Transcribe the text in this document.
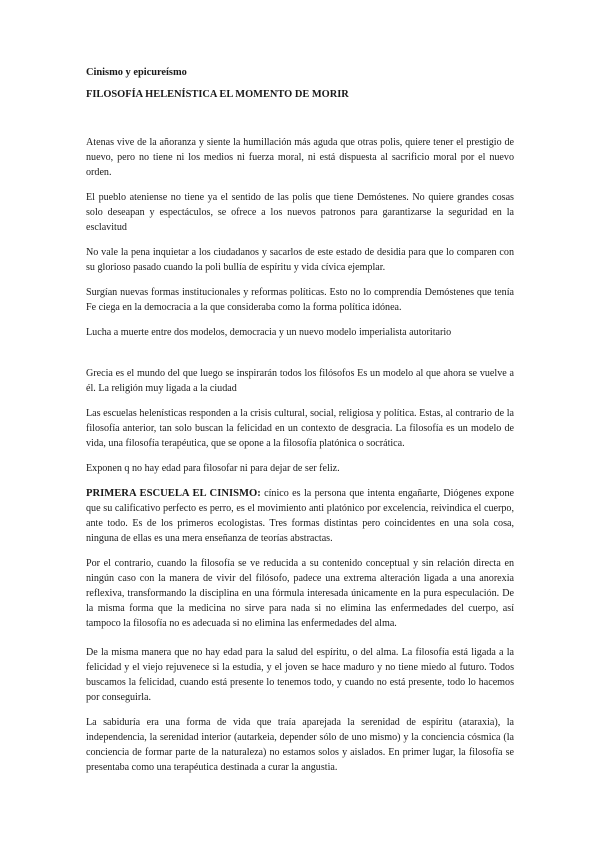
Cinismo y epicureísmo

FILOSOFÍA HELENÍSTICA EL MOMENTO DE MORIR

Atenas vive de la añoranza y siente la humillación más aguda que otras polis, quiere tener el prestigio de nuevo, pero no tiene ni los medios ni fuerza moral, ni está dispuesta al sacrificio moral por el nuevo orden.

El pueblo ateniense no tiene ya el sentido de las polis que tiene Demóstenes. No quiere grandes cosas solo deseapan y espectáculos, se ofrece a los nuevos patronos para garantizarse la seguridad en la esclavitud

No vale la pena inquietar a los ciudadanos y sacarlos de este estado de desidia para que lo comparen con su glorioso pasado cuando la poli bullía de espíritu y vida cívica ejemplar.

Surgían nuevas formas institucionales y reformas políticas. Esto no lo comprendía Demóstenes que tenía Fe ciega en la democracia a la que consideraba como la forma política idónea.

Lucha a muerte entre dos modelos, democracia y un nuevo modelo imperialista autoritario

Grecia es el mundo del que luego se inspirarán todos los filósofos Es un modelo al que ahora se vuelve a él. La religión muy ligada a la ciudad

Las escuelas helenísticas responden a la crisis cultural, social, religiosa y política. Estas, al contrario de la filosofía anterior, tan solo buscan la felicidad en un contexto de desgracia. La filosofía es un modelo de vida, una filosofía terapéutica, que se opone a la filosofía platónica o socrática.

Exponen q no hay edad para filosofar ni para dejar de ser feliz.

PRIMERA ESCUELA EL CINISMO: cínico es la persona que intenta engañarte, Diógenes expone que su calificativo perfecto es perro, es el movimiento anti platónico por excelencia, reivindica el cuerpo, ante todo. Es de los primeros ecologistas. Tres formas distintas pero coincidentes en una sola cosa, ninguna de ellas es una mera enseñanza de teorías abstractas.

Por el contrario, cuando la filosofía se ve reducida a su contenido conceptual y sin relación directa en ningún caso con la manera de vivir del filósofo, padece una extrema alteración ligada a una anorexia reflexiva, transformando la disciplina en una fórmula interesada únicamente en la pura especulación. De la misma forma que la medicina no sirve para nada si no elimina las enfermedades del cuerpo, así tampoco la filosofía no es adecuada si no elimina las enfermedades del alma.

De la misma manera que no hay edad para la salud del espíritu, o del alma. La filosofía está ligada a la felicidad y el viejo rejuvenece si la estudia, y el joven se hace maduro y no tiene miedo al futuro. Todos buscamos la felicidad, cuando está presente lo tenemos todo, y cuando no está presente, todo lo hacemos por conseguirla.

La sabiduría era una forma de vida que traía aparejada la serenidad de espíritu (ataraxia), la independencia, la serenidad interior (autarkeia, depender sólo de uno mismo) y la conciencia cósmica (la conciencia de formar parte de la naturaleza) no estamos solos y aislados. En primer lugar, la filosofía se presentaba como una terapéutica destinada a curar la angustia.
